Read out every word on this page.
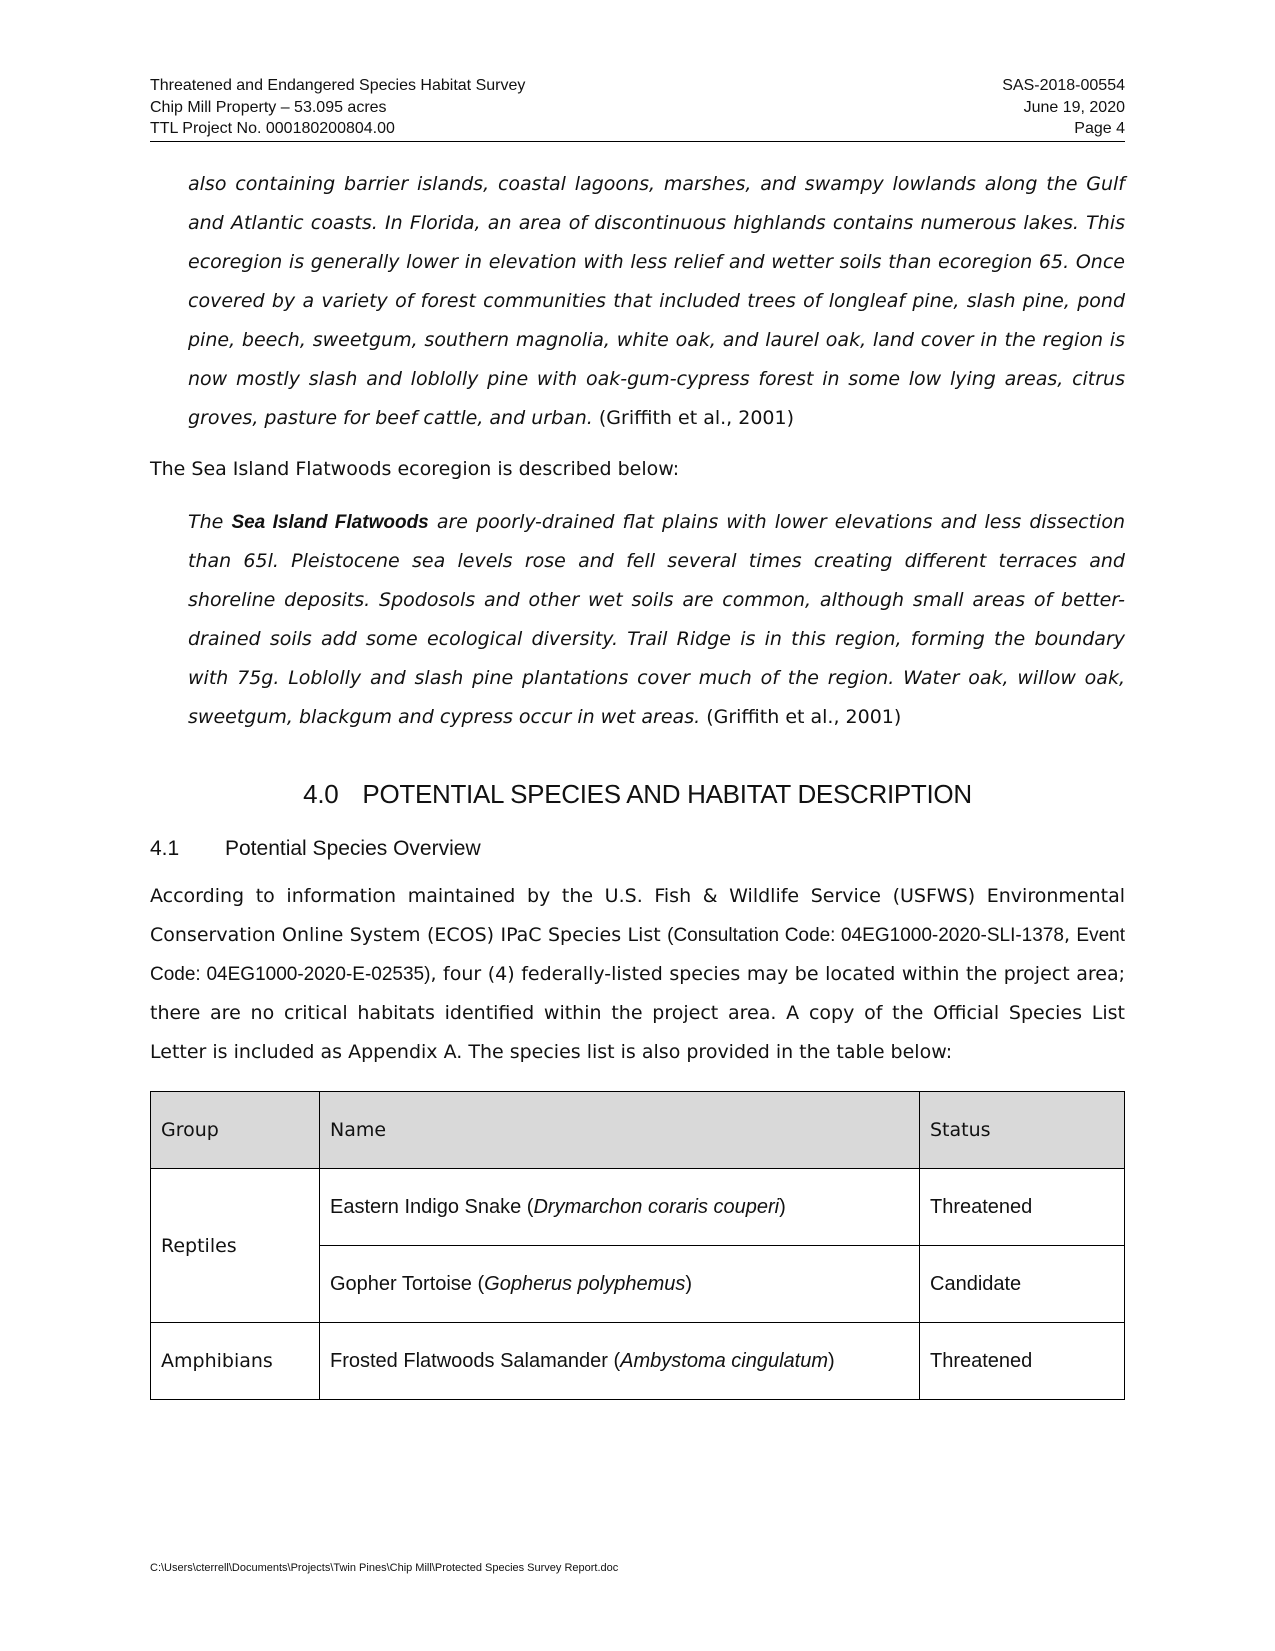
Threatened and Endangered Species Habitat Survey	SAS-2018-00554
Chip Mill Property – 53.095 acres	June 19, 2020
TTL Project No. 000180200804.00	Page 4

also containing barrier islands, coastal lagoons, marshes, and swampy lowlands along the Gulf and Atlantic coasts. In Florida, an area of discontinuous highlands contains numerous lakes. This ecoregion is generally lower in elevation with less relief and wetter soils than ecoregion 65. Once covered by a variety of forest communities that included trees of longleaf pine, slash pine, pond pine, beech, sweetgum, southern magnolia, white oak, and laurel oak, land cover in the region is now mostly slash and loblolly pine with oak-gum-cypress forest in some low lying areas, citrus groves, pasture for beef cattle, and urban. (Griffith et al., 2001)

The Sea Island Flatwoods ecoregion is described below:

The Sea Island Flatwoods are poorly-drained flat plains with lower elevations and less dissection than 65l. Pleistocene sea levels rose and fell several times creating different terraces and shoreline deposits. Spodosols and other wet soils are common, although small areas of better-drained soils add some ecological diversity. Trail Ridge is in this region, forming the boundary with 75g. Loblolly and slash pine plantations cover much of the region. Water oak, willow oak, sweetgum, blackgum and cypress occur in wet areas. (Griffith et al., 2001)

4.0 POTENTIAL SPECIES AND HABITAT DESCRIPTION
4.1 Potential Species Overview

According to information maintained by the U.S. Fish & Wildlife Service (USFWS) Environmental Conservation Online System (ECOS) IPaC Species List (Consultation Code: 04EG1000-2020-SLI-1378, Event Code: 04EG1000-2020-E-02535), four (4) federally-listed species may be located within the project area; there are no critical habitats identified within the project area. A copy of the Official Species List Letter is included as Appendix A. The species list is also provided in the table below:

Group	Name	Status
Reptiles	Eastern Indigo Snake (Drymarchon coraris couperi)	Threatened
	Gopher Tortoise (Gopherus polyphemus)	Candidate
Amphibians	Frosted Flatwoods Salamander (Ambystoma cingulatum)	Threatened
C:\Users\cterrell\Documents\Projects\Twin Pines\Chip Mill\Protected Species Survey Report.doc
